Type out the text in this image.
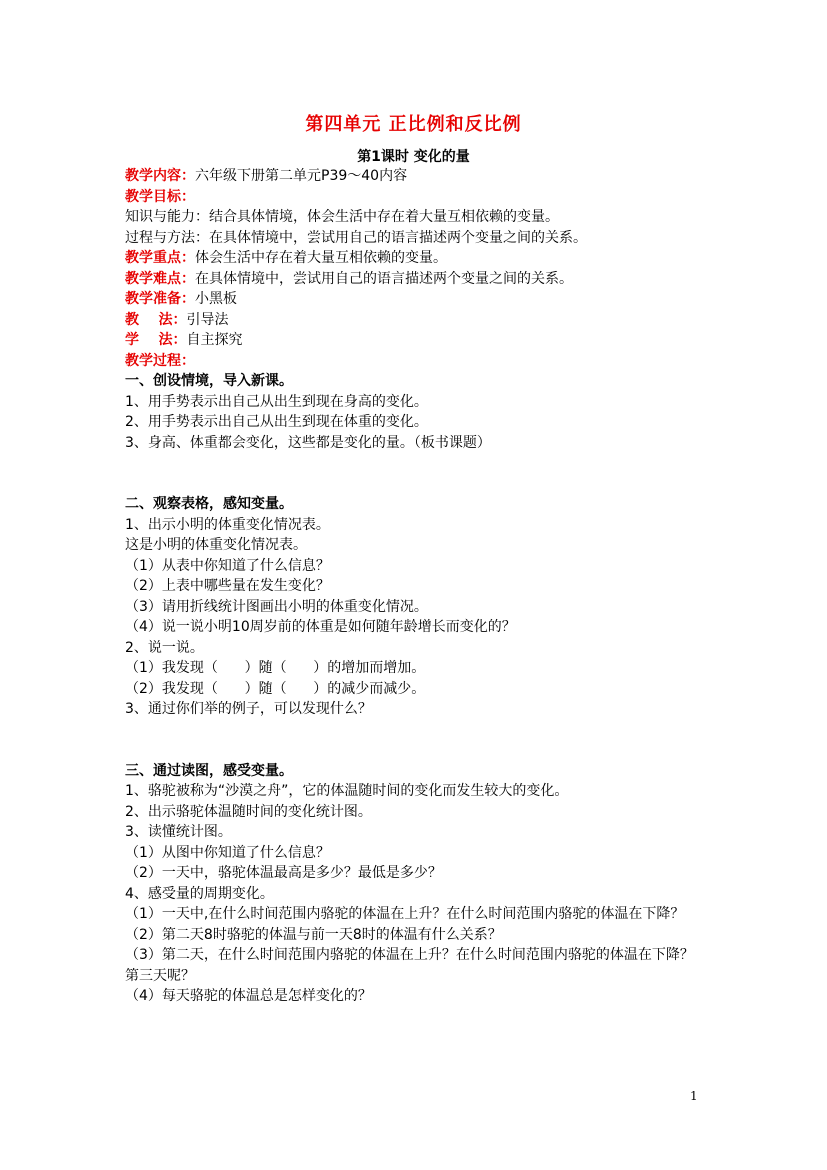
第四单元 正比例和反比例
第1课时 变化的量
教学内容：六年级下册第二单元P39～40内容
教学目标：
知识与能力：结合具体情境，体会生活中存在着大量互相依赖的变量。
过程与方法：在具体情境中，尝试用自己的语言描述两个变量之间的关系。
教学重点：体会生活中存在着大量互相依赖的变量。
教学难点：在具体情境中，尝试用自己的语言描述两个变量之间的关系。
教学准备：小黑板
教    法：引导法
学    法：自主探究
教学过程：
一、创设情境，导入新课。
1、用手势表示出自己从出生到现在身高的变化。
2、用手势表示出自己从出生到现在体重的变化。
3、身高、体重都会变化，这些都是变化的量。（板书课题）
二、观察表格，感知变量。
1、出示小明的体重变化情况表。
这是小明的体重变化情况表。
（1）从表中你知道了什么信息？
（2）上表中哪些量在发生变化？
（3）请用折线统计图画出小明的体重变化情况。
（4）说一说小明10周岁前的体重是如何随年龄增长而变化的？
2、说一说。
（1）我发现（      ）随（      ）的增加而增加。
（2）我发现（      ）随（      ）的减少而减少。
3、通过你们举的例子，可以发现什么？
三、通过读图，感受变量。
1、骆驼被称为“沙漠之舟”，它的体温随时间的变化而发生较大的变化。
2、出示骆驼体温随时间的变化统计图。
3、读懂统计图。
（1）从图中你知道了什么信息？
（2）一天中，骆驼体温最高是多少？最低是多少？
4、感受量的周期变化。
（1）一天中,在什么时间范围内骆驼的体温在上升？在什么时间范围内骆驼的体温在下降？
（2）第二天8时骆驼的体温与前一天8时的体温有什么关系？
（3）第二天，在什么时间范围内骆驼的体温在上升？在什么时间范围内骆驼的体温在下降？
第三天呢？
（4）每天骆驼的体温总是怎样变化的？
1
